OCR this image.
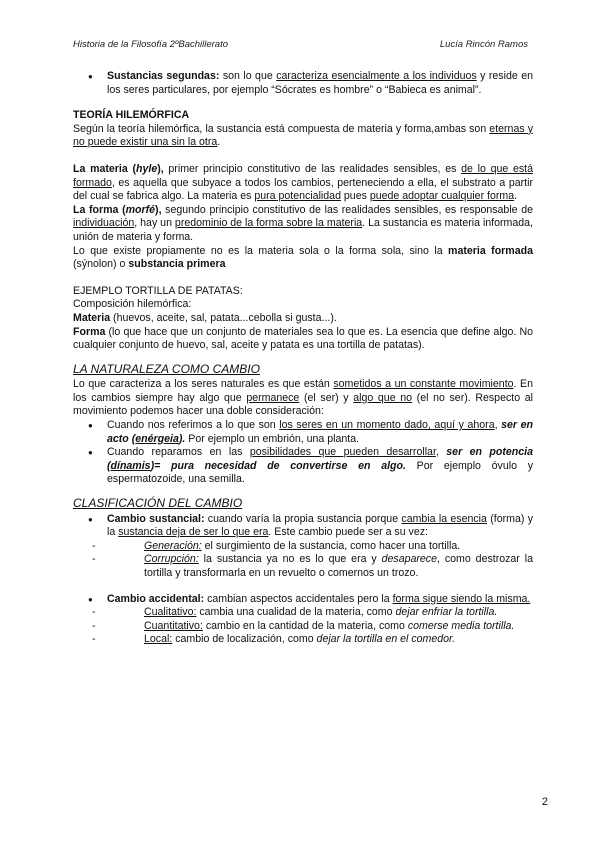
Historia de la Filosofía 2ºBachillerato	Lucía Rincón Ramos
● Sustancias segundas: son lo que caracteriza esencialmente a los individuos y reside en los seres particulares, por ejemplo “Sócrates es hombre” o “Babieca es animal”.

TEORÍA HILEMÓRFICA

Según la teoría hilemórfica, la sustancia está compuesta de materia y forma,ambas son eternas y no puede existir una sin la otra.

La materia (hyle), primer principio constitutivo de las realidades sensibles, es de lo que está formado, es aquella que subyace a todos los cambios, perteneciendo a ella, el substrato a partir del cual se fabrica algo. La materia es pura potencialidad pues puede adoptar cualquier forma.

La forma (morfé), segundo principio constitutivo de las realidades sensibles, es responsable de individuación, hay un predominio de la forma sobre la materia. La sustancia es materia informada, unión de materia y forma.

Lo que existe propiamente no es la materia sola o la forma sola, sino la materia formada (sýnolon) o substancia primera

EJEMPLO TORTILLA DE PATATAS:

Composición hilemórfica:

Materia (huevos, aceite, sal, patata...cebolla si gusta...).

Forma (lo que hace que un conjunto de materiales sea lo que es. La esencia que define algo. No cualquier conjunto de huevo, sal, aceite y patata es una tortilla de patatas).

LA NATURALEZA COMO CAMBIO

Lo que caracteriza a los seres naturales es que están sometidos a un constante movimiento. En los cambios siempre hay algo que permanece (el ser) y algo que no (el no ser). Respecto al movimiento podemos hacer una doble consideración:

● Cuando nos referimos a lo que son los seres en un momento dado, aquí y ahora, ser en acto (enérgeia). Por ejemplo un embrión, una planta.
● Cuando reparamos en las posibilidades que pueden desarrollar, ser en potencia (dínamis)= pura necesidad de convertirse en algo. Por ejemplo óvulo y espermatozoide, una semilla.
CLASIFICACIÓN DEL CAMBIO
● Cambio sustancial: cuando varía la propia sustancia porque cambia la esencia (forma) y la sustancia deja de ser lo que era. Este cambio puede ser a su vez:
- Generación: el surgimiento de la sustancia, como hacer una tortilla.
- Corrupción: la sustancia ya no es lo que era y desaparece, como destrozar la tortilla y transformarla en un revuelto o comernos un trozo.
● Cambio accidental: cambian aspectos accidentales pero la forma sigue siendo la misma.
- Cualitativo: cambia una cualidad de la materia, como dejar enfriar la tortilla.
- Cuantitativo: cambio en la cantidad de la materia, como comerse media tortilla.
- Local: cambio de localización, como dejar la tortilla en el comedor.
2
